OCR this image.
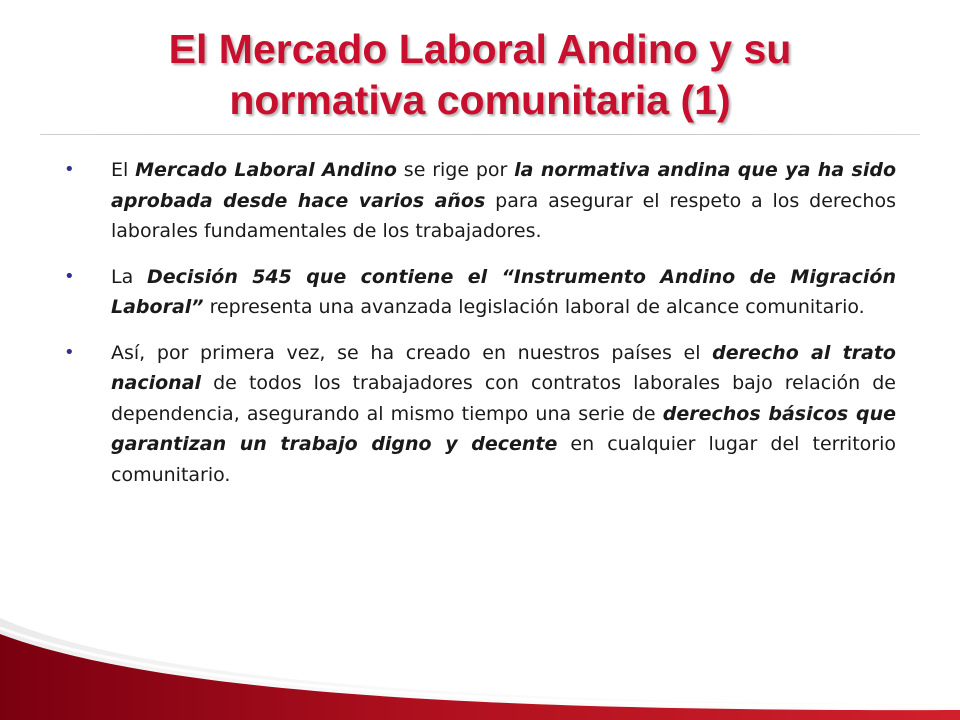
El Mercado Laboral Andino y su
normativa comunitaria (1)
• El Mercado Laboral Andino se rige por la normativa andina que ya ha sido aprobada desde hace varios años para asegurar el respeto a los derechos laborales fundamentales de los trabajadores.
• La Decisión 545 que contiene el “Instrumento Andino de Migración Laboral” representa una avanzada legislación laboral de alcance comunitario.
• Así, por primera vez, se ha creado en nuestros países el derecho al trato nacional de todos los trabajadores con contratos laborales bajo relación de dependencia, asegurando al mismo tiempo una serie de derechos básicos que garantizan un trabajo digno y decente en cualquier lugar del territorio comunitario.
